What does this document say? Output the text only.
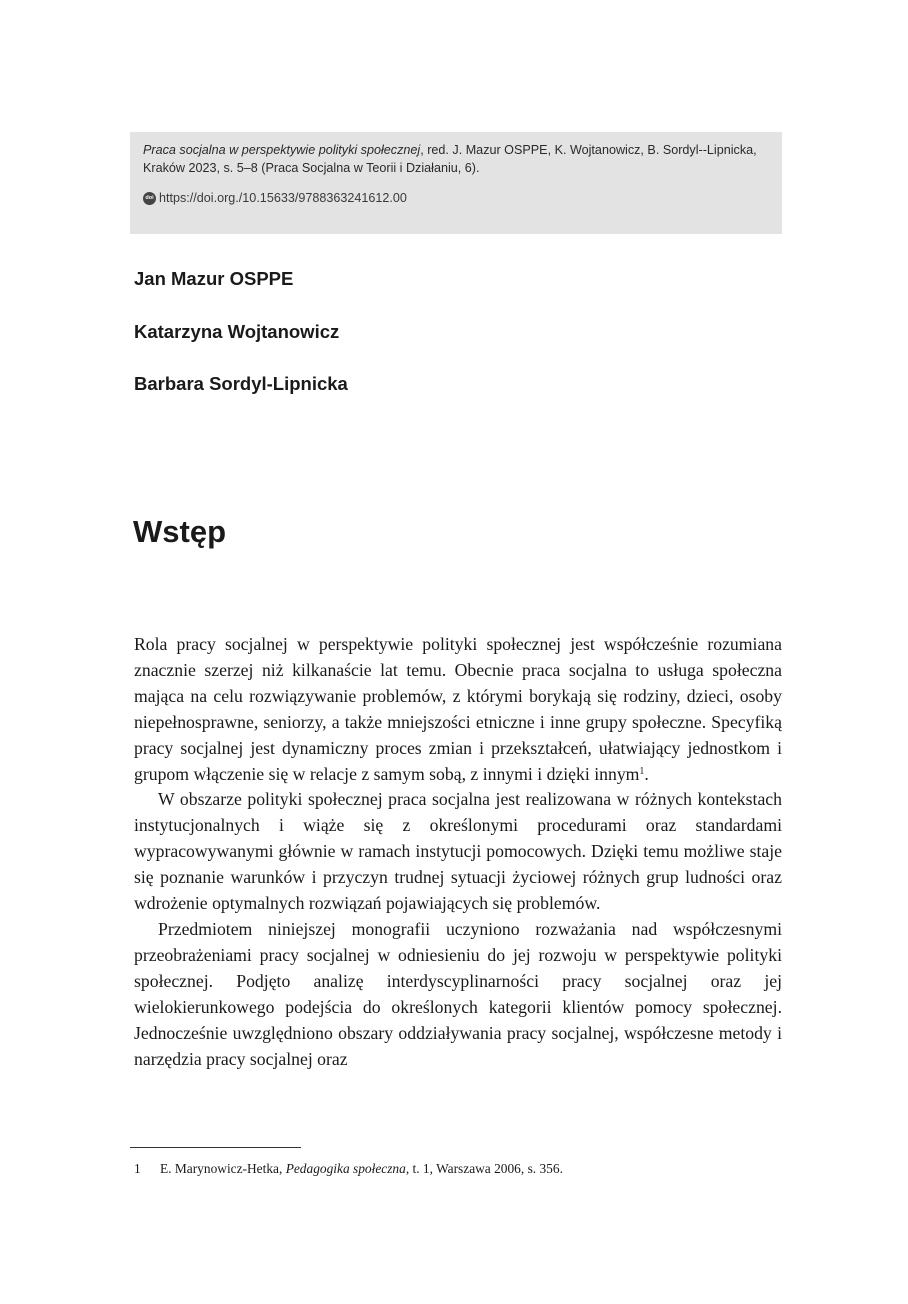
Praca socjalna w perspektywie polityki społecznej, red. J. Mazur OSPPE, K. Wojtanowicz, B. Sordyl--Lipnicka, Kraków 2023, s. 5–8 (Praca Socjalna w Teorii i Działaniu, 6).

doi https://doi.org./10.15633/9788363241612.00

Jan Mazur OSPPE

Katarzyna Wojtanowicz

Barbara Sordyl-Lipnicka

Wstęp

Rola pracy socjalnej w perspektywie polityki społecznej jest współcześnie rozumiana znacznie szerzej niż kilkanaście lat temu. Obecnie praca socjalna to usługa społeczna mająca na celu rozwiązywanie problemów, z którymi borykają się rodziny, dzieci, osoby niepełnosprawne, seniorzy, a także mniejszości etniczne i inne grupy społeczne. Specyfiką pracy socjalnej jest dynamiczny proces zmian i przekształceń, ułatwiający jednostkom i grupom włączenie się w relacje z samym sobą, z innymi i dzięki innym$^1$.

W obszarze polityki społecznej praca socjalna jest realizowana w różnych kontekstach instytucjonalnych i wiąże się z określonymi procedurami oraz standardami wypracowywanymi głównie w ramach instytucji pomocowych. Dzięki temu możliwe staje się poznanie warunków i przyczyn trudnej sytuacji życiowej różnych grup ludności oraz wdrożenie optymalnych rozwiązań pojawiających się problemów.

Przedmiotem niniejszej monografii uczyniono rozważania nad współczesnymi przeobrażeniami pracy socjalnej w odniesieniu do jej rozwoju w perspektywie polityki społecznej. Podjęto analizę interdyscyplinarności pracy socjalnej oraz jej wielokierunkowego podejścia do określonych kategorii klientów pomocy społecznej. Jednocześnie uwzględniono obszary oddziaływania pracy socjalnej, współczesne metody i narzędzia pracy socjalnej oraz

1	E. Marynowicz-Hetka, Pedagogika społeczna, t. 1, Warszawa 2006, s. 356.
